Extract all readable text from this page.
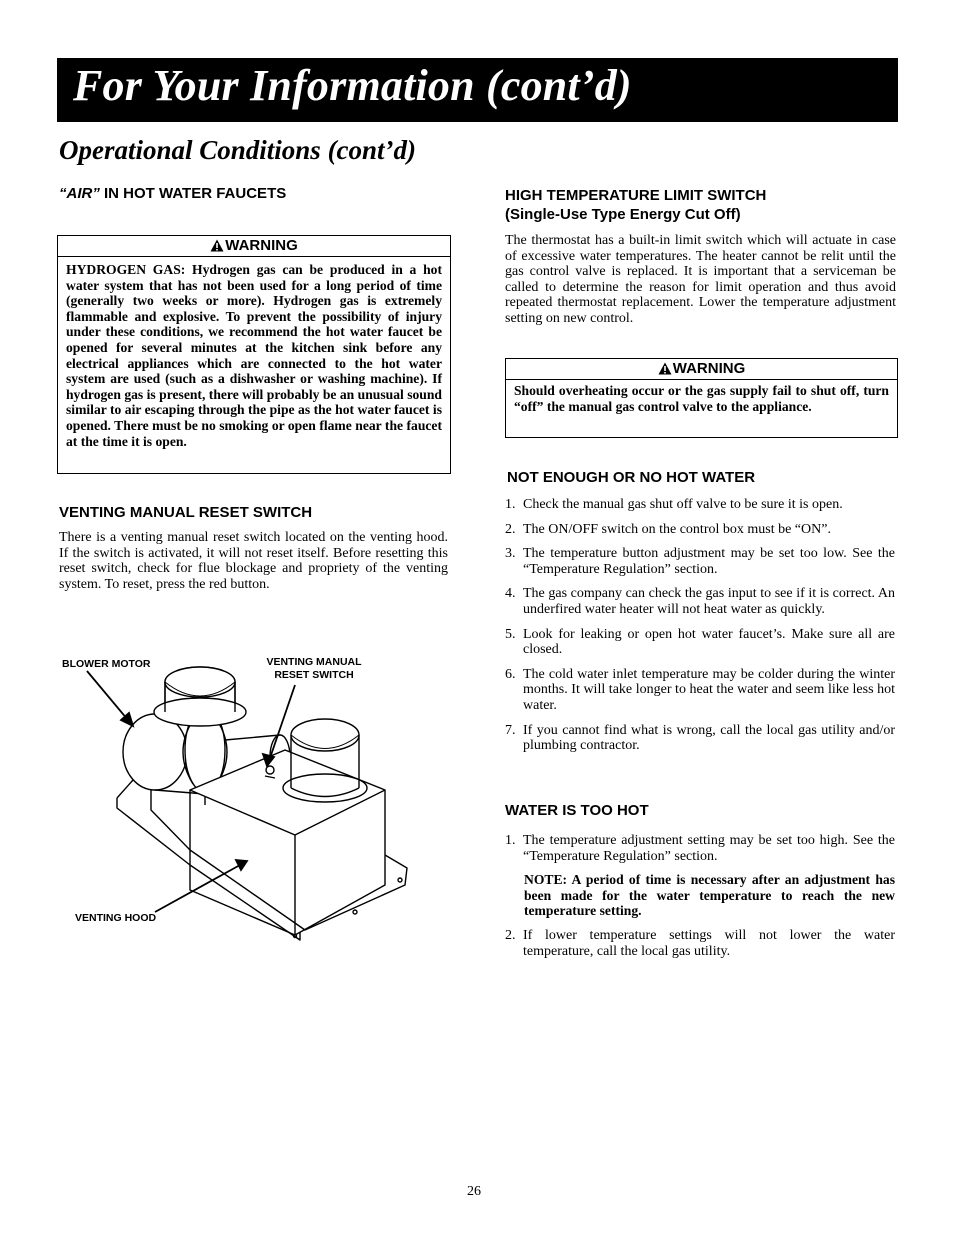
For Your Information (cont’d)
Operational Conditions (cont’d)
“AIR” IN HOT WATER FAUCETS
WARNING
HYDROGEN GAS: Hydrogen gas can be produced in a hot water system that has not been used for a long period of time (generally two weeks or more). Hydrogen gas is extremely flammable and explosive. To prevent the possibility of injury under these conditions, we recommend the hot water faucet be opened for several minutes at the kitchen sink before any electrical appliances which are connected to the hot water system are used (such as a dishwasher or washing machine). If hydrogen gas is present, there will probably be an unusual sound similar to air escaping through the pipe as the hot water faucet is opened. There must be no smoking or open flame near the faucet at the time it is open.
VENTING MANUAL RESET SWITCH
There is a venting manual reset switch located on the venting hood. If the switch is activated, it will not reset itself. Before resetting this reset switch, check for flue blockage and propriety of the venting system. To reset, press the red button.
BLOWER MOTOR	VENTING MANUAL
RESET SWITCH
VENTING HOOD
HIGH TEMPERATURE LIMIT SWITCH
(Single-Use Type Energy Cut Off)
The thermostat has a built-in limit switch which will actuate in case of excessive water temperatures. The heater cannot be relit until the gas control valve is replaced. It is important that a serviceman be called to determine the reason for limit operation and thus avoid repeated thermostat replacement. Lower the temperature adjustment setting on new control.
WARNING
Should overheating occur or the gas supply fail to shut off, turn “off” the manual gas control valve to the appliance.
NOT ENOUGH OR NO HOT WATER
1. Check the manual gas shut off valve to be sure it is open.
2. The ON/OFF switch on the control box must be “ON”.
3. The temperature button adjustment may be set too low. See the “Temperature Regulation” section.
4. The gas company can check the gas input to see if it is correct. An underfired water heater will not heat water as quickly.
5. Look for leaking or open hot water faucet’s. Make sure all are closed.
6. The cold water inlet temperature may be colder during the winter months. It will take longer to heat the water and seem like less hot water.
7. If you cannot find what is wrong, call the local gas utility and/or plumbing contractor.
WATER IS TOO HOT
1. The temperature adjustment setting may be set too high. See the “Temperature Regulation” section.
NOTE: A period of time is necessary after an adjustment has been made for the water temperature to reach the new temperature setting.
2. If lower temperature settings will not lower the water temperature, call the local gas utility.
26
